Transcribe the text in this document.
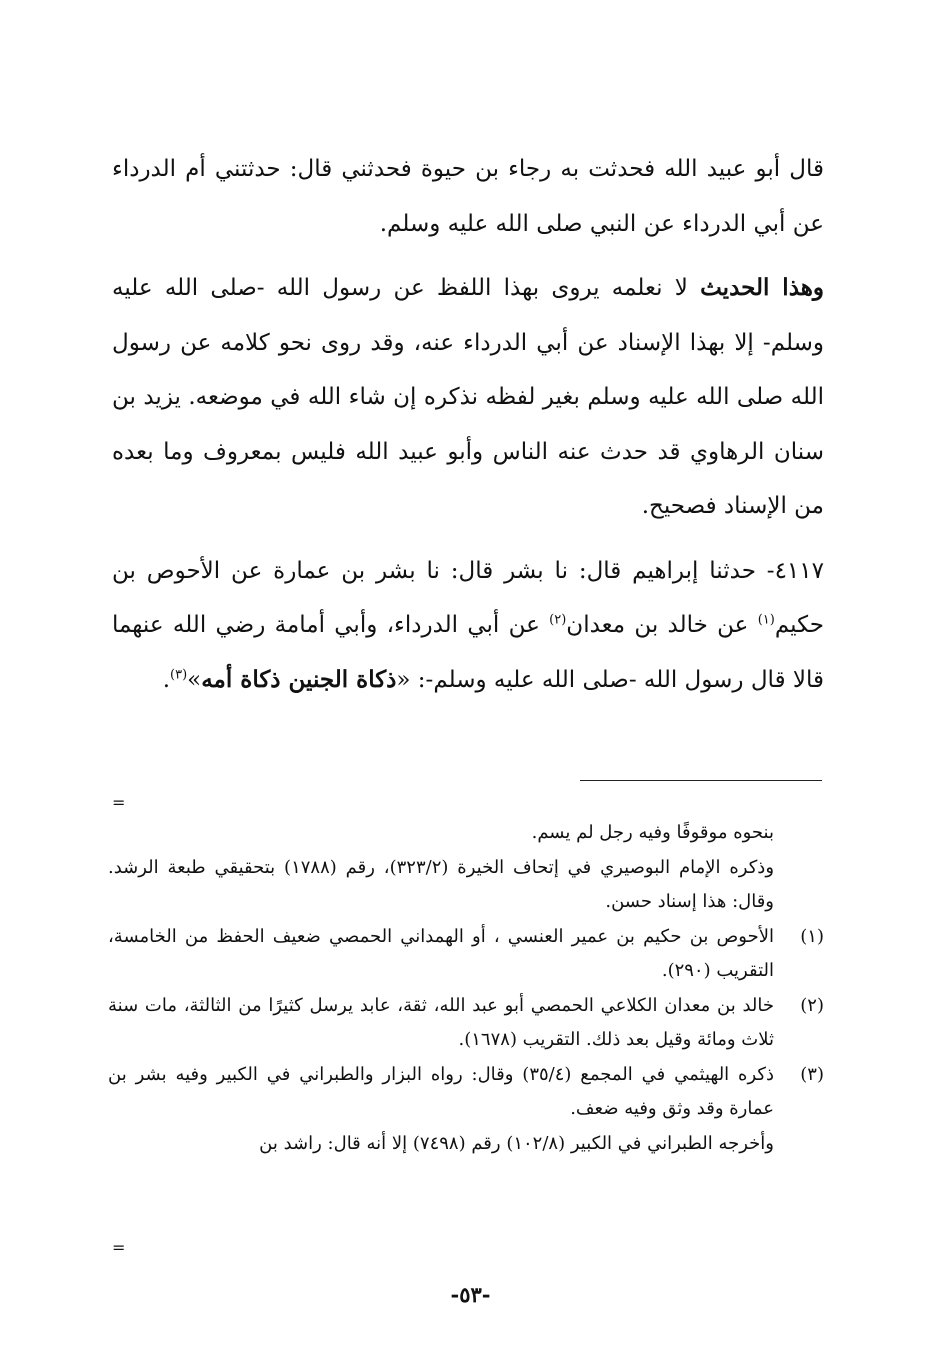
قال أبو عبيد الله فحدثت به رجاء بن حيوة فحدثني قال: حدثتني أم الدرداء عن أبي الدرداء عن النبي صلى الله عليه وسلم.

وهذا الحديث لا نعلمه يروى بهذا اللفظ عن رسول الله -صلى الله عليه وسلم- إلا بهذا الإسناد عن أبي الدرداء عنه، وقد روى نحو كلامه عن رسول الله صلى الله عليه وسلم بغير لفظه نذكره إن شاء الله في موضعه. يزيد بن سنان الرهاوي قد حدث عنه الناس وأبو عبيد الله فليس بمعروف وما بعده من الإسناد فصحيح.

٤١١٧- حدثنا إبراهيم قال: نا بشر قال: نا بشر بن عمارة عن الأحوص بن حكيم$^{(١)}$ عن خالد بن معدان$^{(٢)}$ عن أبي الدرداء، وأبي أمامة رضي الله عنهما قالا قال رسول الله -صلى الله عليه وسلم-: «ذكاة الجنين ذكاة أمه»$^{(٣)}$.

=

بنحوه موقوفًا وفيه رجل لم يسم.

وذكره الإمام البوصيري في إتحاف الخيرة (٣٢٣/٢)، رقم (١٧٨٨) بتحقيقي طبعة الرشد. وقال: هذا إسناد حسن.

(١)الأحوص بن حكيم بن عمير العنسي ، أو الهمداني الحمصي ضعيف الحفظ من الخامسة، التقريب (٢٩٠).

(٢)خالد بن معدان الكلاعي الحمصي أبو عبد الله، ثقة، عابد يرسل كثيرًا من الثالثة، مات سنة ثلاث ومائة وقيل بعد ذلك. التقريب (١٦٧٨).

(٣)ذكره الهيثمي في المجمع (٣٥/٤) وقال: رواه البزار والطبراني في الكبير وفيه بشر بن عمارة وقد وثق وفيه ضعف.

وأخرجه الطبراني في الكبير (١٠٢/٨) رقم (٧٤٩٨) إلا أنه قال: راشد بن

=
-٥٣-
